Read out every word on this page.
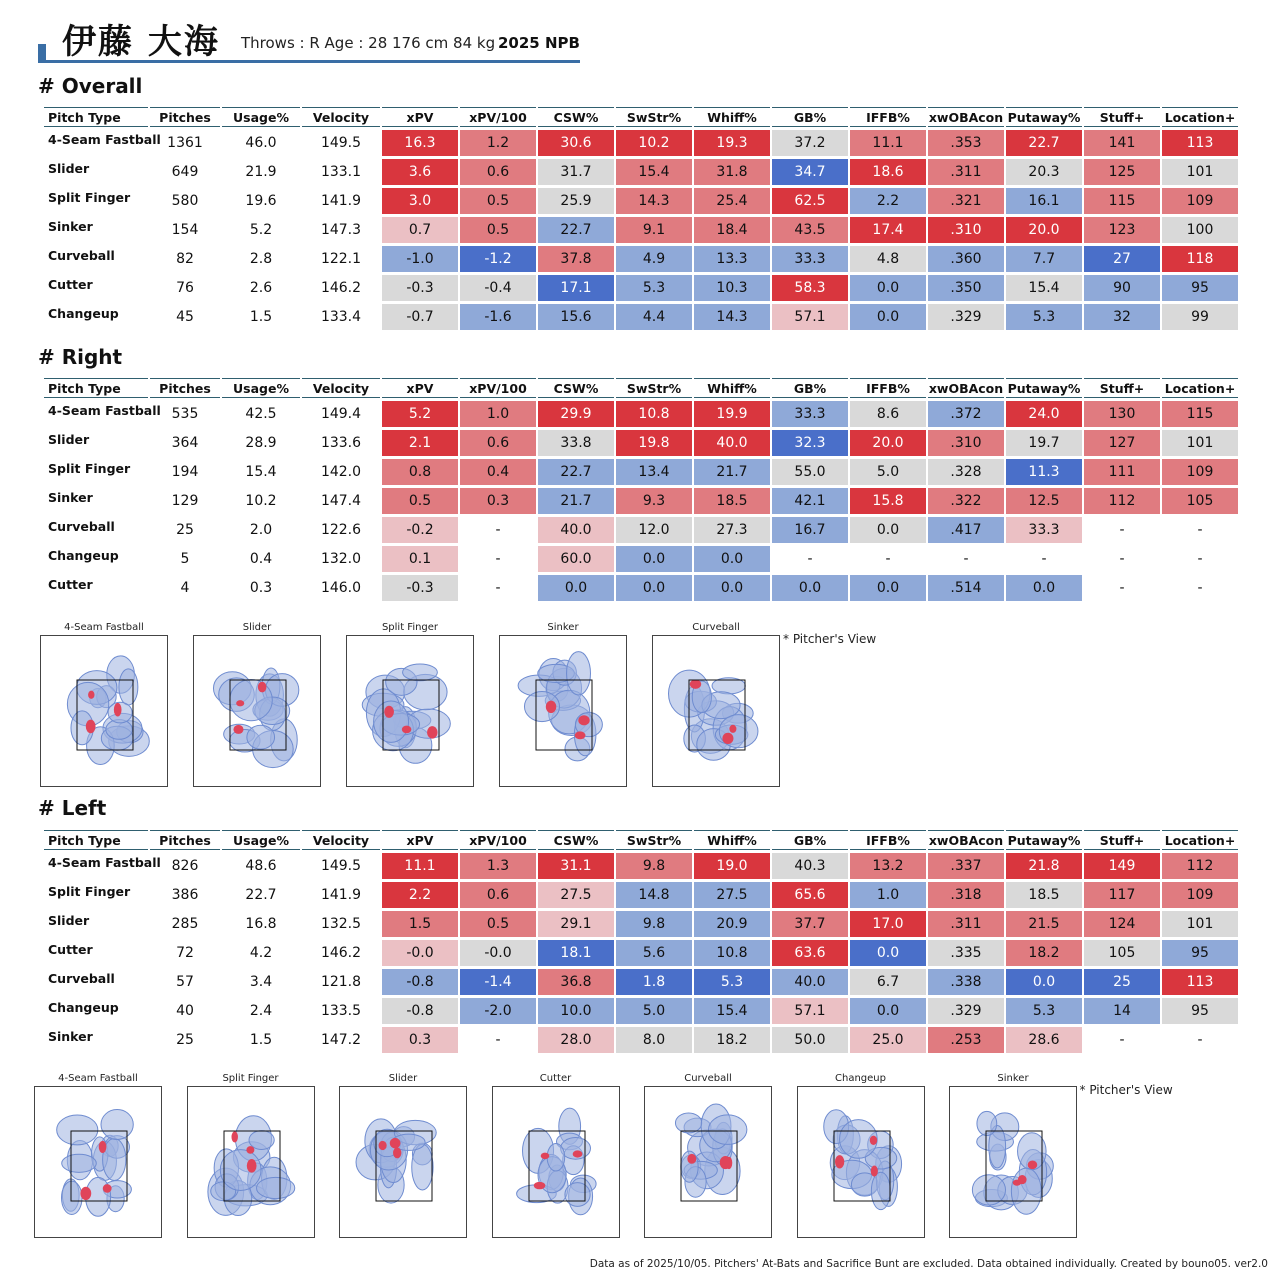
伊藤 大海 Throws : R Age : 28 176 cm 84 kg 2025 NPB
# Overall
Pitch Type	Pitches	Usage%	Velocity	xPV	xPV/100	CSW%	SwStr%	Whiff%	GB%	IFFB%	xwOBAcon	Putaway%	Stuff+	Location+
4-Seam Fastball	1361	46.0	149.5	16.3	1.2	30.6	10.2	19.3	37.2	11.1	.353	22.7	141	113
Slider	649	21.9	133.1	3.6	0.6	31.7	15.4	31.8	34.7	18.6	.311	20.3	125	101
Split Finger	580	19.6	141.9	3.0	0.5	25.9	14.3	25.4	62.5	2.2	.321	16.1	115	109
Sinker	154	5.2	147.3	0.7	0.5	22.7	9.1	18.4	43.5	17.4	.310	20.0	123	100
Curveball	82	2.8	122.1	-1.0	-1.2	37.8	4.9	13.3	33.3	4.8	.360	7.7	27	118
Cutter	76	2.6	146.2	-0.3	-0.4	17.1	5.3	10.3	58.3	0.0	.350	15.4	90	95
Changeup	45	1.5	133.4	-0.7	-1.6	15.6	4.4	14.3	57.1	0.0	.329	5.3	32	99
# Right
Pitch Type	Pitches	Usage%	Velocity	xPV	xPV/100	CSW%	SwStr%	Whiff%	GB%	IFFB%	xwOBAcon	Putaway%	Stuff+	Location+
4-Seam Fastball	535	42.5	149.4	5.2	1.0	29.9	10.8	19.9	33.3	8.6	.372	24.0	130	115
Slider	364	28.9	133.6	2.1	0.6	33.8	19.8	40.0	32.3	20.0	.310	19.7	127	101
Split Finger	194	15.4	142.0	0.8	0.4	22.7	13.4	21.7	55.0	5.0	.328	11.3	111	109
Sinker	129	10.2	147.4	0.5	0.3	21.7	9.3	18.5	42.1	15.8	.322	12.5	112	105
Curveball	25	2.0	122.6	-0.2	-	40.0	12.0	27.3	16.7	0.0	.417	33.3	-	-
Changeup	5	0.4	132.0	0.1	-	60.0	0.0	0.0	-	-	-	-	-	-
Cutter	4	0.3	146.0	-0.3	-	0.0	0.0	0.0	0.0	0.0	.514	0.0	-	-
4-Seam Fastball	Slider	Split Finger	Sinker	Curveball
* Pitcher's View
# Left
Pitch Type	Pitches	Usage%	Velocity	xPV	xPV/100	CSW%	SwStr%	Whiff%	GB%	IFFB%	xwOBAcon	Putaway%	Stuff+	Location+
4-Seam Fastball	826	48.6	149.5	11.1	1.3	31.1	9.8	19.0	40.3	13.2	.337	21.8	149	112
Split Finger	386	22.7	141.9	2.2	0.6	27.5	14.8	27.5	65.6	1.0	.318	18.5	117	109
Slider	285	16.8	132.5	1.5	0.5	29.1	9.8	20.9	37.7	17.0	.311	21.5	124	101
Cutter	72	4.2	146.2	-0.0	-0.0	18.1	5.6	10.8	63.6	0.0	.335	18.2	105	95
Curveball	57	3.4	121.8	-0.8	-1.4	36.8	1.8	5.3	40.0	6.7	.338	0.0	25	113
Changeup	40	2.4	133.5	-0.8	-2.0	10.0	5.0	15.4	57.1	0.0	.329	5.3	14	95
Sinker	25	1.5	147.2	0.3	-	28.0	8.0	18.2	50.0	25.0	.253	28.6	-	-
4-Seam Fastball	Split Finger	Slider	Cutter	Curveball	Changeup	Sinker
* Pitcher's View
Data as of 2025/10/05. Pitchers' At-Bats and Sacrifice Bunt are excluded. Data obtained individually. Created by bouno05. ver2.0
